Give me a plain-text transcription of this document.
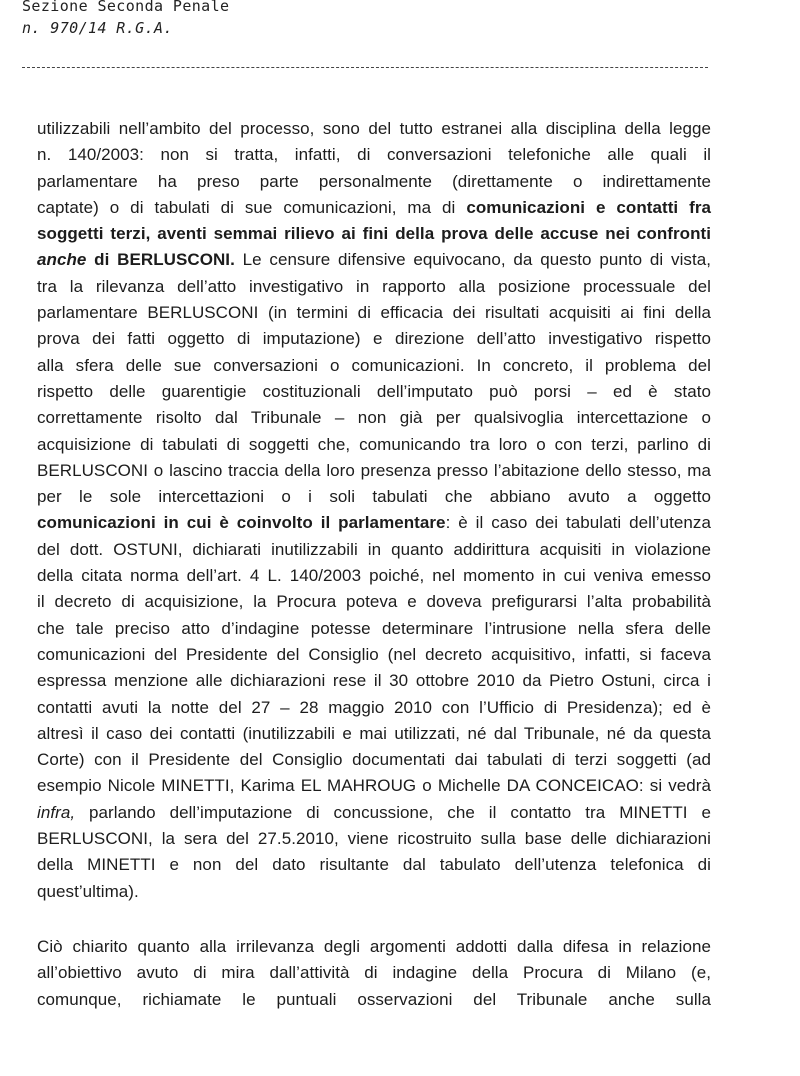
Sezione Seconda Penale
n. 970/14 R.G.A.

utilizzabili nell’ambito del processo, sono del tutto estranei alla disciplina della legge

n. 140/2003: non si tratta, infatti, di conversazioni telefoniche alle quali il

parlamentare ha preso parte personalmente (direttamente o indirettamente

captate) o di tabulati di sue comunicazioni, ma di comunicazioni e contatti fra

soggetti terzi, aventi semmai rilievo ai fini della prova delle accuse nei confronti

anche di BERLUSCONI. Le censure difensive equivocano, da questo punto di vista,

tra la rilevanza dell’atto investigativo in rapporto alla posizione processuale del

parlamentare BERLUSCONI (in termini di efficacia dei risultati acquisiti ai fini della

prova dei fatti oggetto di imputazione) e direzione dell’atto investigativo rispetto

alla sfera delle sue conversazioni o comunicazioni. In concreto, il problema del

rispetto delle guarentigie costituzionali dell’imputato può porsi – ed è stato

correttamente risolto dal Tribunale – non già per qualsivoglia intercettazione o

acquisizione di tabulati di soggetti che, comunicando tra loro o con terzi, parlino di

BERLUSCONI o lascino traccia della loro presenza presso l’abitazione dello stesso, ma

per le sole intercettazioni o i soli tabulati che abbiano avuto a oggetto

comunicazioni in cui è coinvolto il parlamentare: è il caso dei tabulati dell’utenza

del dott. OSTUNI, dichiarati inutilizzabili in quanto addirittura acquisiti in violazione

della citata norma dell’art. 4 L. 140/2003 poiché, nel momento in cui veniva emesso

il decreto di acquisizione, la Procura poteva e doveva prefigurarsi l’alta probabilità

che tale preciso atto d’indagine potesse determinare l’intrusione nella sfera delle

comunicazioni del Presidente del Consiglio (nel decreto acquisitivo, infatti, si faceva

espressa menzione alle dichiarazioni rese il 30 ottobre 2010 da Pietro Ostuni, circa i

contatti avuti la notte del 27 – 28 maggio 2010 con l’Ufficio di Presidenza); ed è

altresì il caso dei contatti (inutilizzabili e mai utilizzati, né dal Tribunale, né da questa

Corte) con il Presidente del Consiglio documentati dai tabulati di terzi soggetti (ad

esempio Nicole MINETTI, Karima EL MAHROUG o Michelle DA CONCEICAO: si vedrà

infra, parlando dell’imputazione di concussione, che il contatto tra MINETTI e

BERLUSCONI, la sera del 27.5.2010, viene ricostruito sulla base delle dichiarazioni

della MINETTI e non del dato risultante dal tabulato dell’utenza telefonica di

quest’ultima).

Ciò chiarito quanto alla irrilevanza degli argomenti addotti dalla difesa in relazione

all’obiettivo avuto di mira dall’attività di indagine della Procura di Milano (e,

comunque, richiamate le puntuali osservazioni del Tribunale anche sulla
